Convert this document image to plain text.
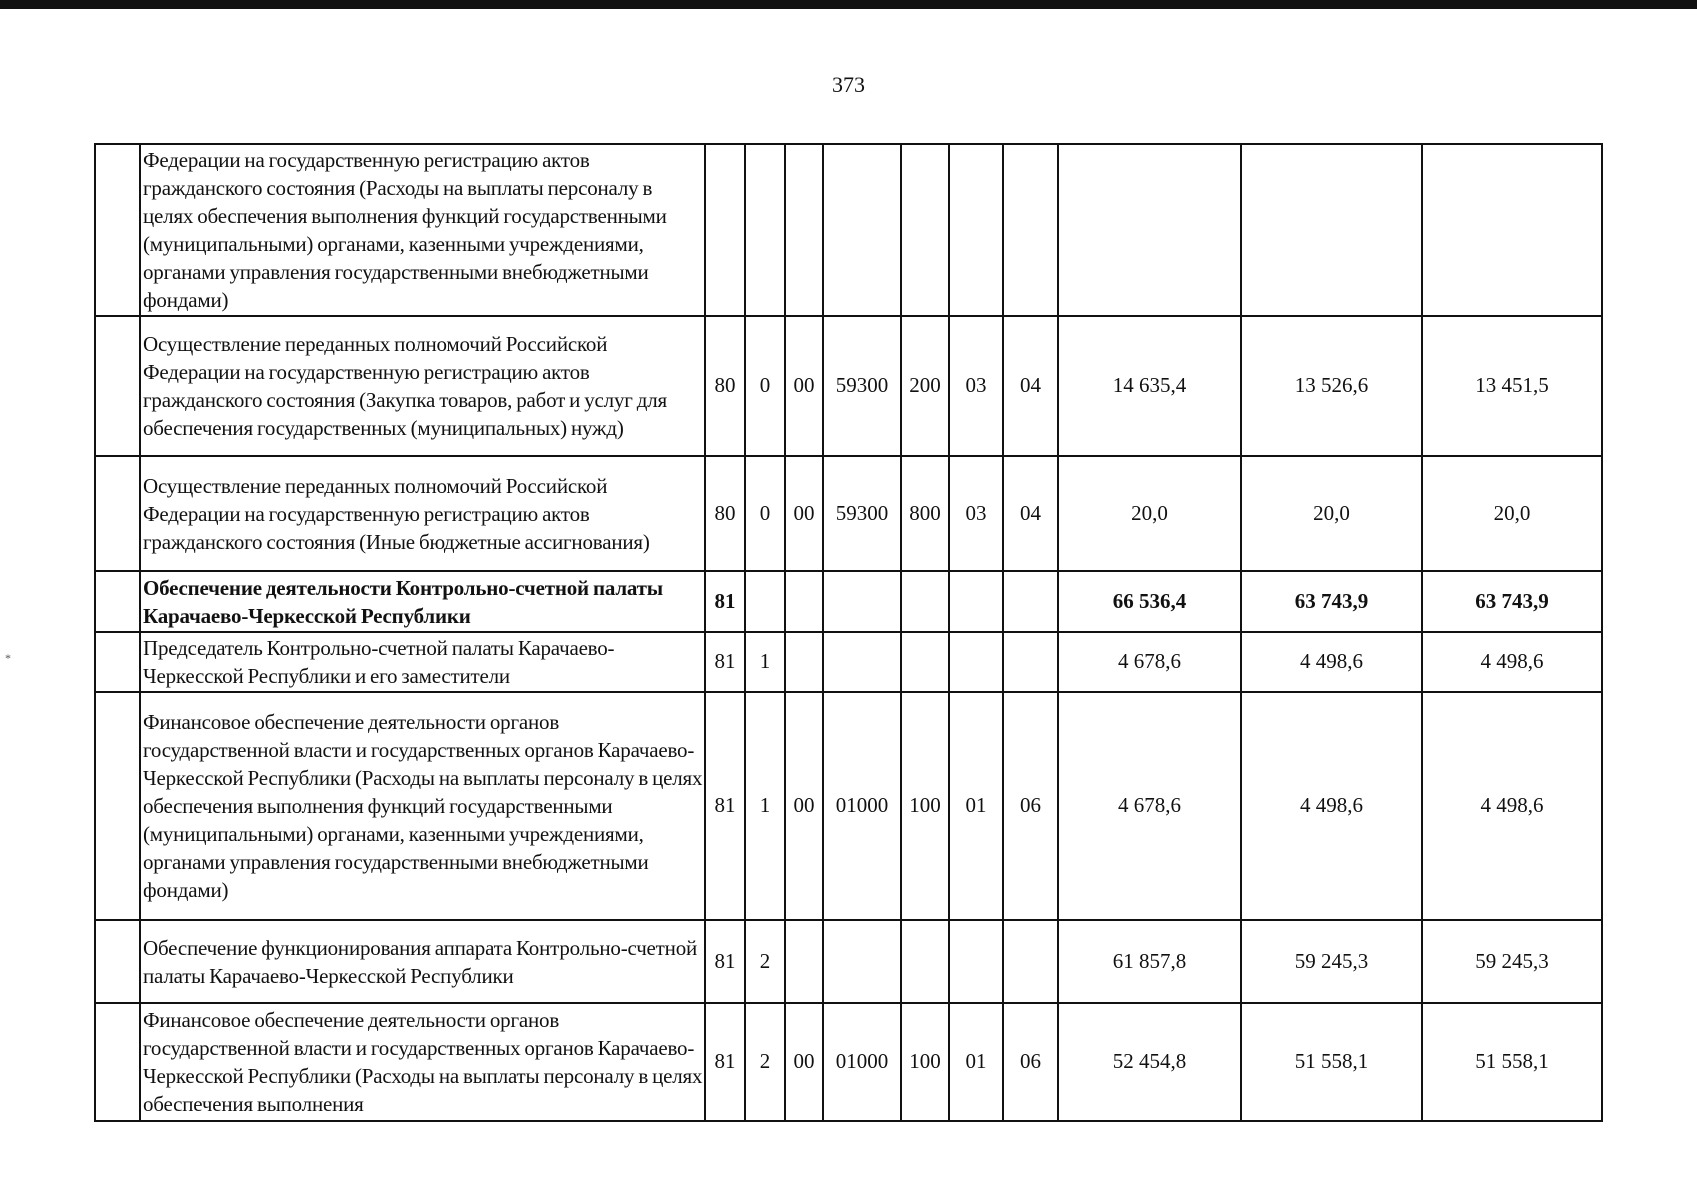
373
*
	Федерации на государственную регистрацию актов гражданского состояния (Расходы на выплаты персоналу в целях обеспечения выполнения функций государственными (муниципальными) органами, казенными учреждениями, органами управления государственными внебюджетными фондами)										
	Осуществление переданных полномочий Российской Федерации на государственную регистрацию актов гражданского состояния (Закупка товаров, работ и услуг для обеспечения государственных (муниципальных) нужд)	80	0	00	59300	200	03	04	14 635,4	13 526,6	13 451,5
	Осуществление переданных полномочий Российской Федерации на государственную регистрацию актов гражданского состояния (Иные бюджетные ассигнования)	80	0	00	59300	800	03	04	20,0	20,0	20,0
	Обеспечение деятельности Контрольно-счетной палаты Карачаево-Черкесской Республики	81							66 536,4	63 743,9	63 743,9
	Председатель Контрольно-счетной палаты Карачаево-Черкесской Республики и его заместители	81	1						4 678,6	4 498,6	4 498,6
	Финансовое обеспечение деятельности органов государственной власти и государственных органов Карачаево-Черкесской Республики (Расходы на выплаты персоналу в целях обеспечения выполнения функций государственными (муниципальными) органами, казенными учреждениями, органами управления государственными внебюджетными фондами)	81	1	00	01000	100	01	06	4 678,6	4 498,6	4 498,6
	Обеспечение функционирования аппарата Контрольно-счетной палаты Карачаево-Черкесской Республики	81	2						61 857,8	59 245,3	59 245,3
	Финансовое обеспечение деятельности органов государственной власти и государственных органов Карачаево-Черкесской Республики (Расходы на выплаты персоналу в целях обеспечения выполнения	81	2	00	01000	100	01	06	52 454,8	51 558,1	51 558,1
